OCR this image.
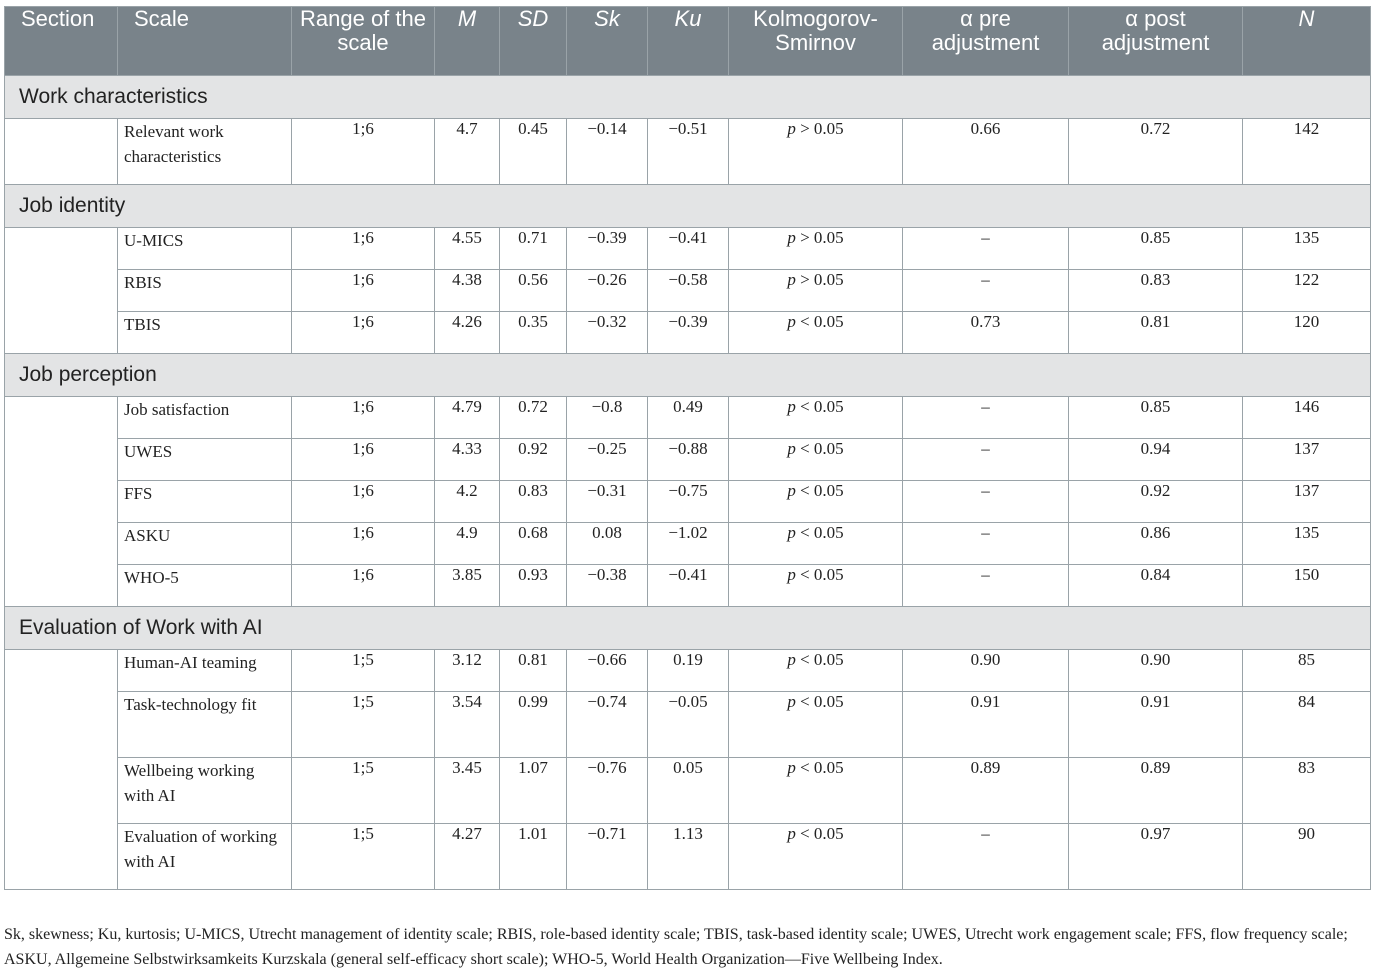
Section	Scale	Range of the scale	M	SD	Sk	Ku	Kolmogorov-Smirnov	α pre adjustment	α post adjustment	N
Work characteristics										
	Relevant work characteristics	1;6	4.7	0.45	−0.14	−0.51	p > 0.05	0.66	0.72	142
Job identity										
	U-MICS	1;6	4.55	0.71	−0.39	−0.41	p > 0.05	–	0.85	135
	RBIS	1;6	4.38	0.56	−0.26	−0.58	p > 0.05	–	0.83	122
	TBIS	1;6	4.26	0.35	−0.32	−0.39	p < 0.05	0.73	0.81	120
Job perception										
	Job satisfaction	1;6	4.79	0.72	−0.8	0.49	p < 0.05	–	0.85	146
	UWES	1;6	4.33	0.92	−0.25	−0.88	p < 0.05	–	0.94	137
	FFS	1;6	4.2	0.83	−0.31	−0.75	p < 0.05	–	0.92	137
	ASKU	1;6	4.9	0.68	0.08	−1.02	p < 0.05	–	0.86	135
	WHO-5	1;6	3.85	0.93	−0.38	−0.41	p < 0.05	–	0.84	150
Evaluation of Work with AI										
	Human-AI teaming	1;5	3.12	0.81	−0.66	0.19	p < 0.05	0.90	0.90	85
	Task-technology fit	1;5	3.54	0.99	−0.74	−0.05	p < 0.05	0.91	0.91	84
	Wellbeing working with AI	1;5	3.45	1.07	−0.76	0.05	p < 0.05	0.89	0.89	83
	Evaluation of working with AI	1;5	4.27	1.01	−0.71	1.13	p < 0.05	–	0.97	90

Sk, skewness; Ku, kurtosis; U-MICS, Utrecht management of identity scale; RBIS, role-based identity scale; TBIS, task-based identity scale; UWES, Utrecht work engagement scale; FFS, flow frequency scale; ASKU, Allgemeine Selbstwirksamkeits Kurzskala (general self-efficacy short scale); WHO-5, World Health Organization—Five Wellbeing Index.
